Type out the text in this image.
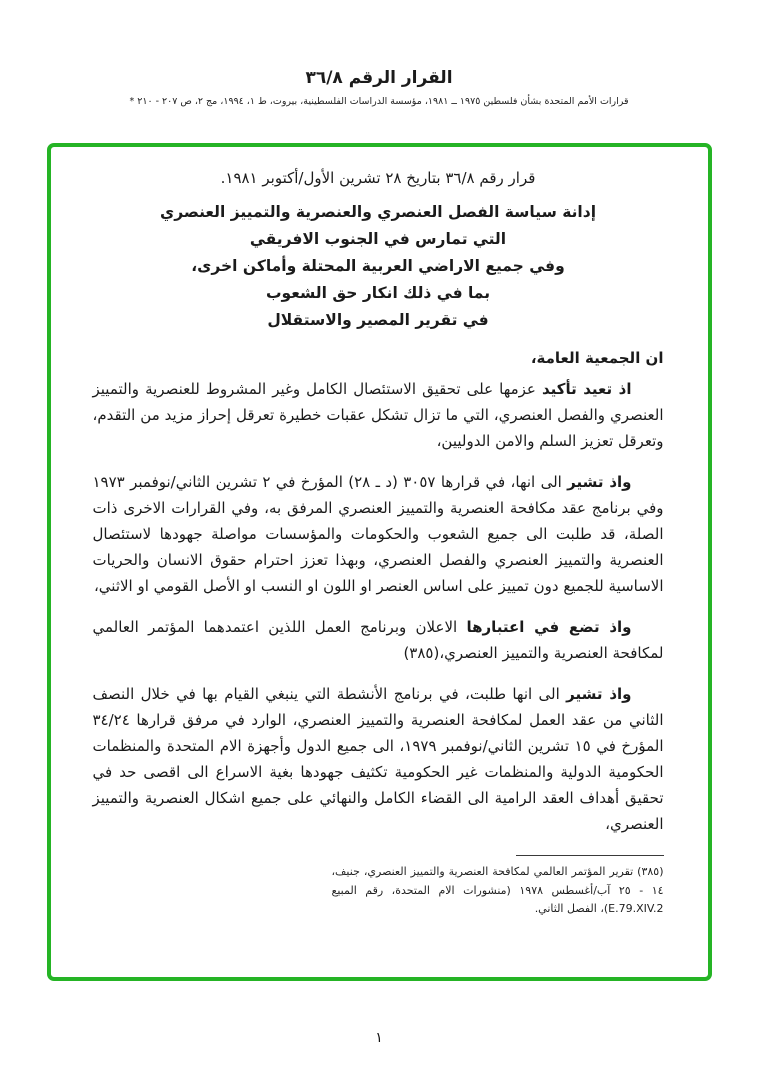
القرار الرقم ٣٦/٨
قرارات الأمم المتحدة بشأن فلسطين ١٩٧٥ ــ ١٩٨١، مؤسسة الدراسات الفلسطينية، بيروت، ط ١، ١٩٩٤، مج ٢، ص ٢٠٧ - ٢١٠ *
قرار رقم ٣٦/٨ بتاريخ ٢٨ تشرين الأول/أكتوبر ١٩٨١.
إدانة سياسة الفصل العنصري والعنصرية والتمييز العنصري
التي تمارس في الجنوب الافريقي
وفي جميع الاراضي العربية المحتلة وأماكن اخرى،
بما في ذلك انكار حق الشعوب
في تقرير المصير والاستقلال
ان الجمعية العامة،

اذ تعيد تأكيد عزمها على تحقيق الاستئصال الكامل وغير المشروط للعنصرية والتمييز العنصري والفصل العنصري، التي ما تزال تشكل عقبات خطيرة تعرقل إحراز مزيد من التقدم، وتعرقل تعزيز السلم والامن الدوليين،

واذ تشير الى انها، في قرارها ٣٠٥٧ (د ـ ٢٨) المؤرخ في ٢ تشرين الثاني/نوفمبر ١٩٧٣ وفي برنامج عقد مكافحة العنصرية والتمييز العنصري المرفق به، وفي القرارات الاخرى ذات الصلة، قد طلبت الى جميع الشعوب والحكومات والمؤسسات مواصلة جهودها لاستئصال العنصرية والتمييز العنصري والفصل العنصري، وبهذا تعزز احترام حقوق الانسان والحريات الاساسية للجميع دون تمييز على اساس العنصر او اللون او النسب او الأصل القومي او الاثني،

واذ تضع في اعتبارها الاعلان وبرنامج العمل اللذين اعتمدهما المؤتمر العالمي لمكافحة العنصرية والتمييز العنصري،(٣٨٥)

واذ تشير الى انها طلبت، في برنامج الأنشطة التي ينبغي القيام بها في خلال النصف الثاني من عقد العمل لمكافحة العنصرية والتمييز العنصري، الوارد في مرفق قرارها ٣٤/٢٤ المؤرخ في ١٥ تشرين الثاني/نوفمبر ١٩٧٩، الى جميع الدول وأجهزة الام المتحدة والمنظمات الحكومية الدولية والمنظمات غير الحكومية تكثيف جهودها بغية الاسراع الى اقصى حد في تحقيق أهداف العقد الرامية الى القضاء الكامل والنهائي على جميع اشكال العنصرية والتمييز العنصري،

(٣٨٥) تقرير المؤتمر العالمي لمكافحة العنصرية والتمييز العنصري، جنيف، ١٤ - ٢٥ آب/أغسطس ١٩٧٨ (منشورات الام المتحدة، رقم المبيع E.79.XIV.2)، الفصل الثاني.
١
